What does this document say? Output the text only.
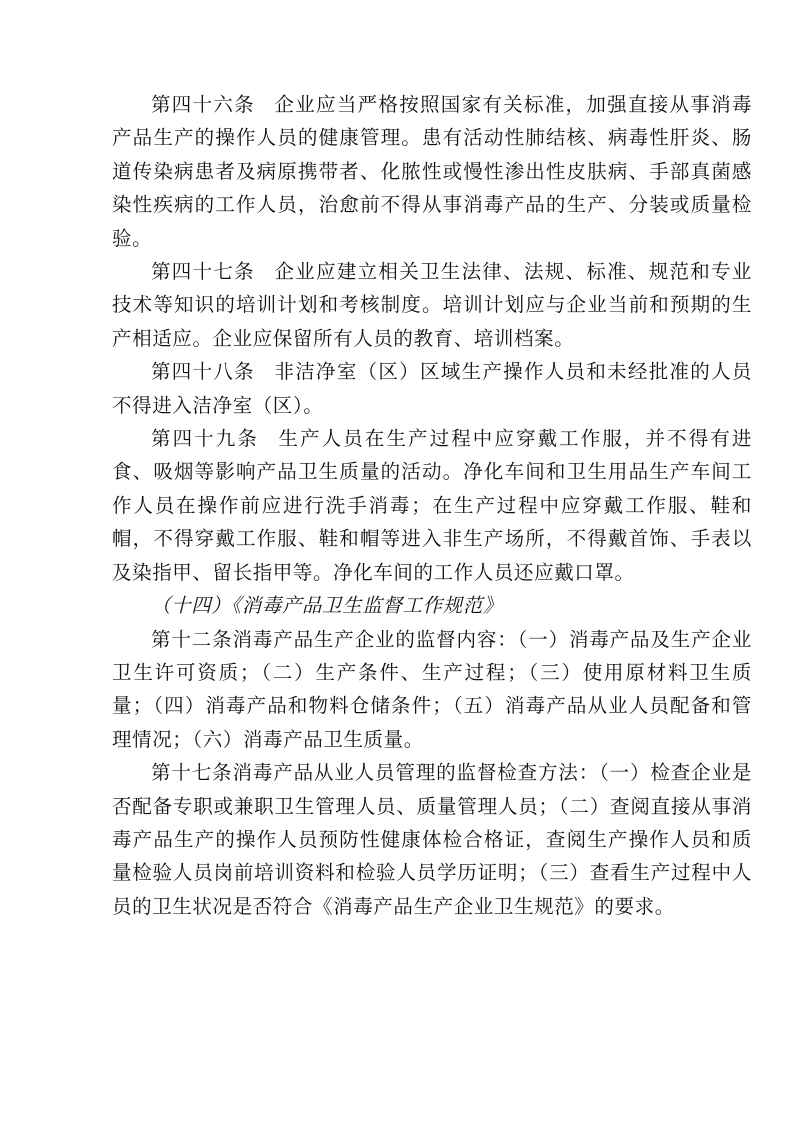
第四十六条 企业应当严格按照国家有关标准，加强直接从事消毒产品生产的操作人员的健康管理。患有活动性肺结核、病毒性肝炎、肠道传染病患者及病原携带者、化脓性或慢性渗出性皮肤病、手部真菌感染性疾病的工作人员，治愈前不得从事消毒产品的生产、分装或质量检验。

第四十七条 企业应建立相关卫生法律、法规、标准、规范和专业技术等知识的培训计划和考核制度。培训计划应与企业当前和预期的生产相适应。企业应保留所有人员的教育、培训档案。

第四十八条 非洁净室（区）区域生产操作人员和未经批准的人员不得进入洁净室（区）。

第四十九条 生产人员在生产过程中应穿戴工作服，并不得有进食、吸烟等影响产品卫生质量的活动。净化车间和卫生用品生产车间工作人员在操作前应进行洗手消毒；在生产过程中应穿戴工作服、鞋和帽，不得穿戴工作服、鞋和帽等进入非生产场所，不得戴首饰、手表以及染指甲、留长指甲等。净化车间的工作人员还应戴口罩。

（十四）《消毒产品卫生监督工作规范》

第十二条消毒产品生产企业的监督内容：（一）消毒产品及生产企业卫生许可资质；（二）生产条件、生产过程；（三）使用原材料卫生质量；（四）消毒产品和物料仓储条件；（五）消毒产品从业人员配备和管理情况；（六）消毒产品卫生质量。

第十七条消毒产品从业人员管理的监督检查方法：（一）检查企业是否配备专职或兼职卫生管理人员、质量管理人员；（二）查阅直接从事消毒产品生产的操作人员预防性健康体检合格证，查阅生产操作人员和质量检验人员岗前培训资料和检验人员学历证明；（三）查看生产过程中人员的卫生状况是否符合《消毒产品生产企业卫生规范》的要求。
